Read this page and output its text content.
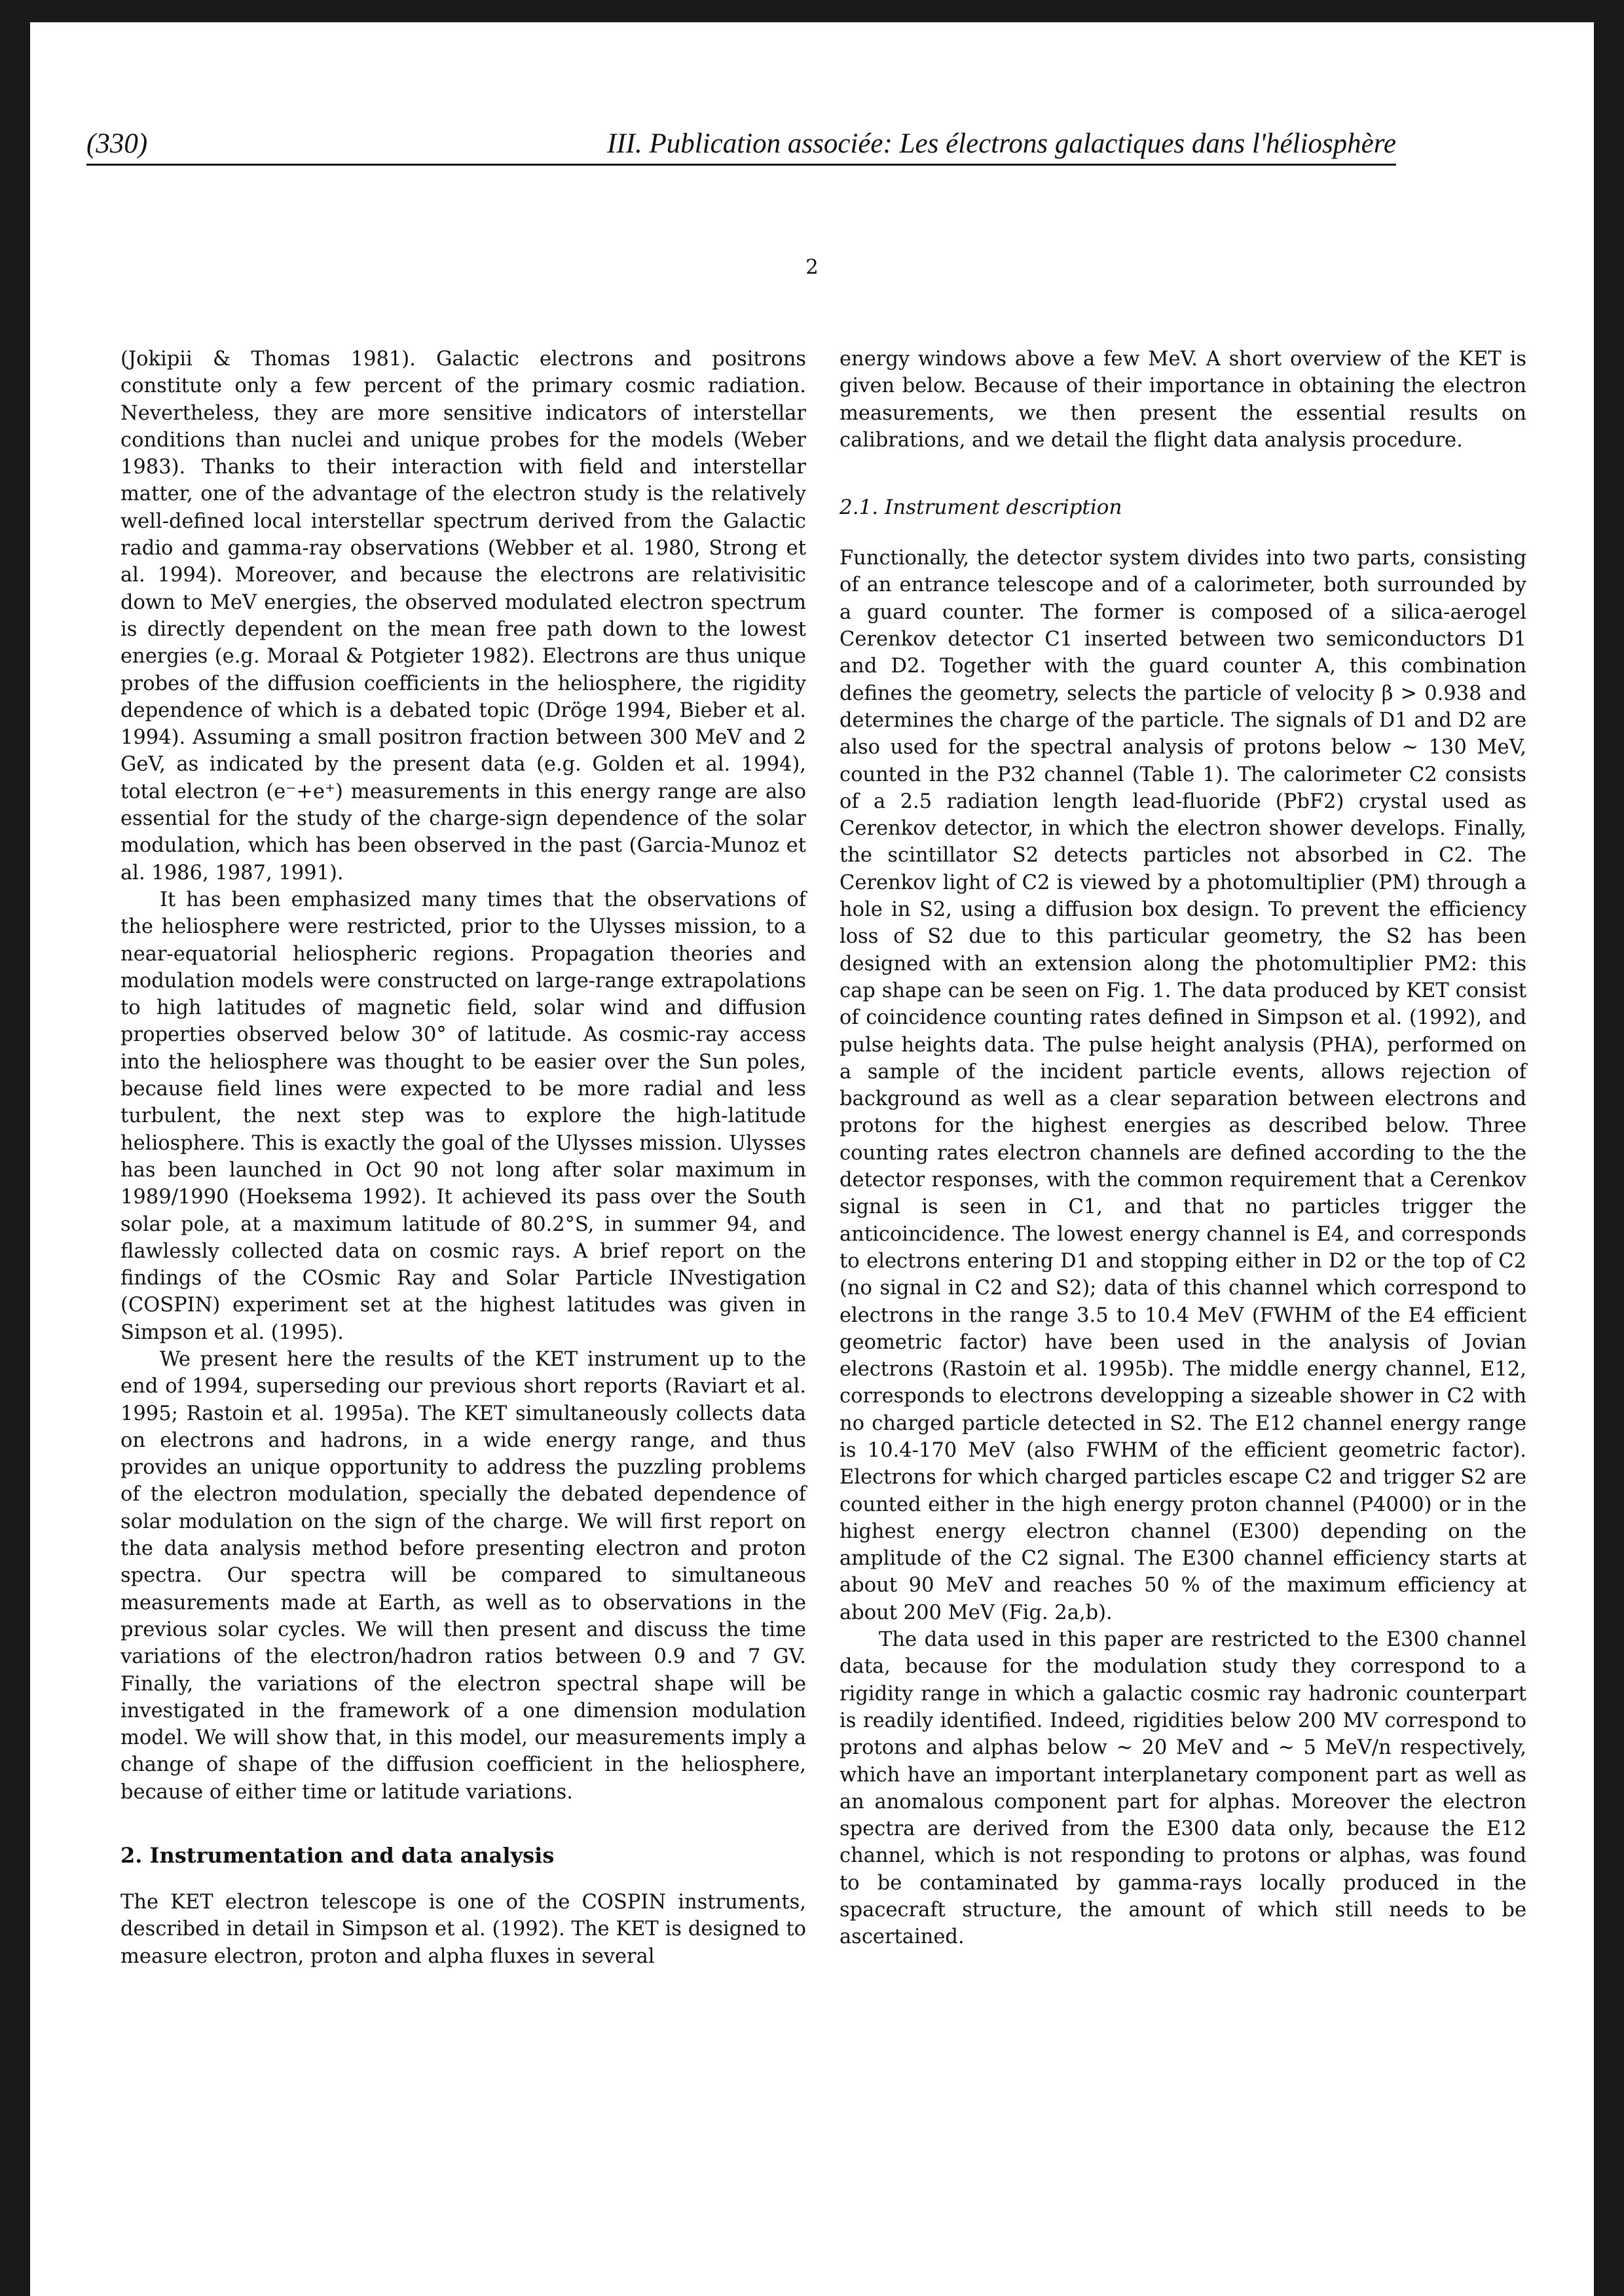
(330)	III. Publication associée: Les électrons galactiques dans l'héliosphère
2

(Jokipii & Thomas 1981). Galactic electrons and positrons constitute only a few percent of the primary cosmic radiation. Nevertheless, they are more sensitive indicators of interstellar conditions than nuclei and unique probes for the models (Weber 1983). Thanks to their interaction with field and interstellar matter, one of the advantage of the electron study is the relatively well-defined local interstellar spectrum derived from the Galactic radio and gamma-ray observations (Webber et al. 1980, Strong et al. 1994). Moreover, and because the electrons are relativisitic down to MeV energies, the observed modulated electron spectrum is directly dependent on the mean free path down to the lowest energies (e.g. Moraal & Potgieter 1982). Electrons are thus unique probes of the diffusion coefficients in the heliosphere, the rigidity dependence of which is a debated topic (Dröge 1994, Bieber et al. 1994). Assuming a small positron fraction between 300 MeV and 2 GeV, as indicated by the present data (e.g. Golden et al. 1994), total electron (e⁻+e⁺) measurements in this energy range are also essential for the study of the charge-sign dependence of the solar modulation, which has been observed in the past (Garcia-Munoz et al. 1986, 1987, 1991).

It has been emphasized many times that the observations of the heliosphere were restricted, prior to the Ulysses mission, to a near-equatorial heliospheric regions. Propagation theories and modulation models were constructed on large-range extrapolations to high latitudes of magnetic field, solar wind and diffusion properties observed below 30° of latitude. As cosmic-ray access into the heliosphere was thought to be easier over the Sun poles, because field lines were expected to be more radial and less turbulent, the next step was to explore the high-latitude heliosphere. This is exactly the goal of the Ulysses mission. Ulysses has been launched in Oct 90 not long after solar maximum in 1989/1990 (Hoeksema 1992). It achieved its pass over the South solar pole, at a maximum latitude of 80.2°S, in summer 94, and flawlessly collected data on cosmic rays. A brief report on the findings of the COsmic Ray and Solar Particle INvestigation (COSPIN) experiment set at the highest latitudes was given in Simpson et al. (1995).

We present here the results of the KET instrument up to the end of 1994, superseding our previous short reports (Raviart et al. 1995; Rastoin et al. 1995a). The KET simultaneously collects data on electrons and hadrons, in a wide energy range, and thus provides an unique opportunity to address the puzzling problems of the electron modulation, specially the debated dependence of solar modulation on the sign of the charge. We will first report on the data analysis method before presenting electron and proton spectra. Our spectra will be compared to simultaneous measurements made at Earth, as well as to observations in the previous solar cycles. We will then present and discuss the time variations of the electron/hadron ratios between 0.9 and 7 GV. Finally, the variations of the electron spectral shape will be investigated in the framework of a one dimension modulation model. We will show that, in this model, our measurements imply a change of shape of the diffusion coefficient in the heliosphere, because of either time or latitude variations.

2. Instrumentation and data analysis

The KET electron telescope is one of the COSPIN instruments, described in detail in Simpson et al. (1992). The KET is designed to measure electron, proton and alpha fluxes in several

energy windows above a few MeV. A short overview of the KET is given below. Because of their importance in obtaining the electron measurements, we then present the essential results on calibrations, and we detail the flight data analysis procedure.

2.1. Instrument description

Functionally, the detector system divides into two parts, consisting of an entrance telescope and of a calorimeter, both surrounded by a guard counter. The former is composed of a silica-aerogel Cerenkov detector C1 inserted between two semiconductors D1 and D2. Together with the guard counter A, this combination defines the geometry, selects the particle of velocity β > 0.938 and determines the charge of the particle. The signals of D1 and D2 are also used for the spectral analysis of protons below ~ 130 MeV, counted in the P32 channel (Table 1). The calorimeter C2 consists of a 2.5 radiation length lead-fluoride (PbF2) crystal used as Cerenkov detector, in which the electron shower develops. Finally, the scintillator S2 detects particles not absorbed in C2. The Cerenkov light of C2 is viewed by a photomultiplier (PM) through a hole in S2, using a diffusion box design. To prevent the efficiency loss of S2 due to this particular geometry, the S2 has been designed with an extension along the photomultiplier PM2: this cap shape can be seen on Fig. 1. The data produced by KET consist of coincidence counting rates defined in Simpson et al. (1992), and pulse heights data. The pulse height analysis (PHA), performed on a sample of the incident particle events, allows rejection of background as well as a clear separation between electrons and protons for the highest energies as described below. Three counting rates electron channels are defined according to the the detector responses, with the common requirement that a Cerenkov signal is seen in C1, and that no particles trigger the anticoincidence. The lowest energy channel is E4, and corresponds to electrons entering D1 and stopping either in D2 or the top of C2 (no signal in C2 and S2); data of this channel which correspond to electrons in the range 3.5 to 10.4 MeV (FWHM of the E4 efficient geometric factor) have been used in the analysis of Jovian electrons (Rastoin et al. 1995b). The middle energy channel, E12, corresponds to electrons developping a sizeable shower in C2 with no charged particle detected in S2. The E12 channel energy range is 10.4-170 MeV (also FWHM of the efficient geometric factor). Electrons for which charged particles escape C2 and trigger S2 are counted either in the high energy proton channel (P4000) or in the highest energy electron channel (E300) depending on the amplitude of the C2 signal. The E300 channel efficiency starts at about 90 MeV and reaches 50 % of the maximum efficiency at about 200 MeV (Fig. 2a,b).

The data used in this paper are restricted to the E300 channel data, because for the modulation study they correspond to a rigidity range in which a galactic cosmic ray hadronic counterpart is readily identified. Indeed, rigidities below 200 MV correspond to protons and alphas below ~ 20 MeV and ~ 5 MeV/n respectively, which have an important interplanetary component part as well as an anomalous component part for alphas. Moreover the electron spectra are derived from the E300 data only, because the E12 channel, which is not responding to protons or alphas, was found to be contaminated by gamma-rays locally produced in the spacecraft structure, the amount of which still needs to be ascertained.
